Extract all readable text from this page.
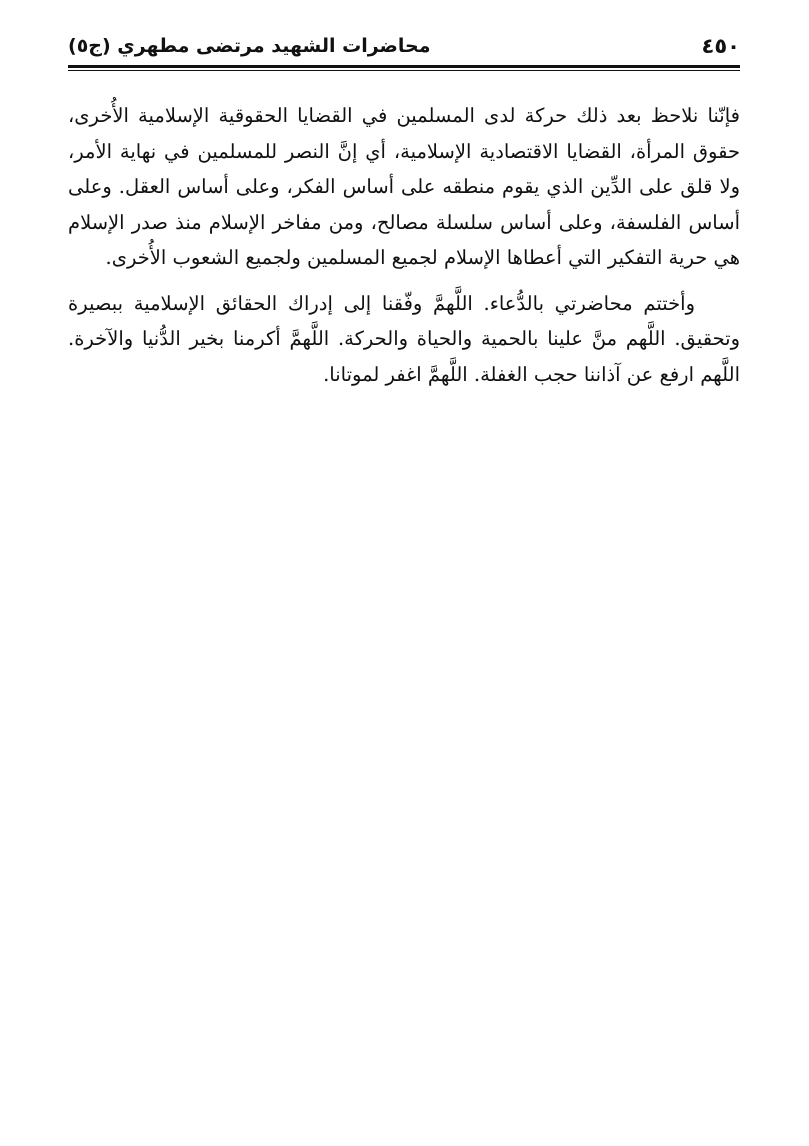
٤٥٠
محاضرات الشهيد مرتضى مطهري (ج٥)

فإنّنا نلاحظ بعد ذلك حركة لدى المسلمين في القضايا الحقوقية الإسلامية الأُخرى، حقوق المرأة، القضايا الاقتصادية الإسلامية، أي إنَّ النصر للمسلمين في نهاية الأمر، ولا قلق على الدِّين الذي يقوم منطقه على أساس الفكر، وعلى أساس العقل. وعلى أساس الفلسفة، وعلى أساس سلسلة مصالح، ومن مفاخر الإسلام منذ صدر الإسلام هي حرية التفكير التي أعطاها الإسلام لجميع المسلمين ولجميع الشعوب الأُخرى.

وأختتم محاضرتي بالدُّعاء. اللَّهمَّ وفّقنا إلى إدراك الحقائق الإسلامية ببصيرة وتحقيق. اللَّهم منَّ علينا بالحمية والحياة والحركة. اللَّهمَّ أكرمنا بخير الدُّنيا والآخرة. اللَّهم ارفع عن آذاننا حجب الغفلة. اللَّهمَّ اغفر لموتانا.
